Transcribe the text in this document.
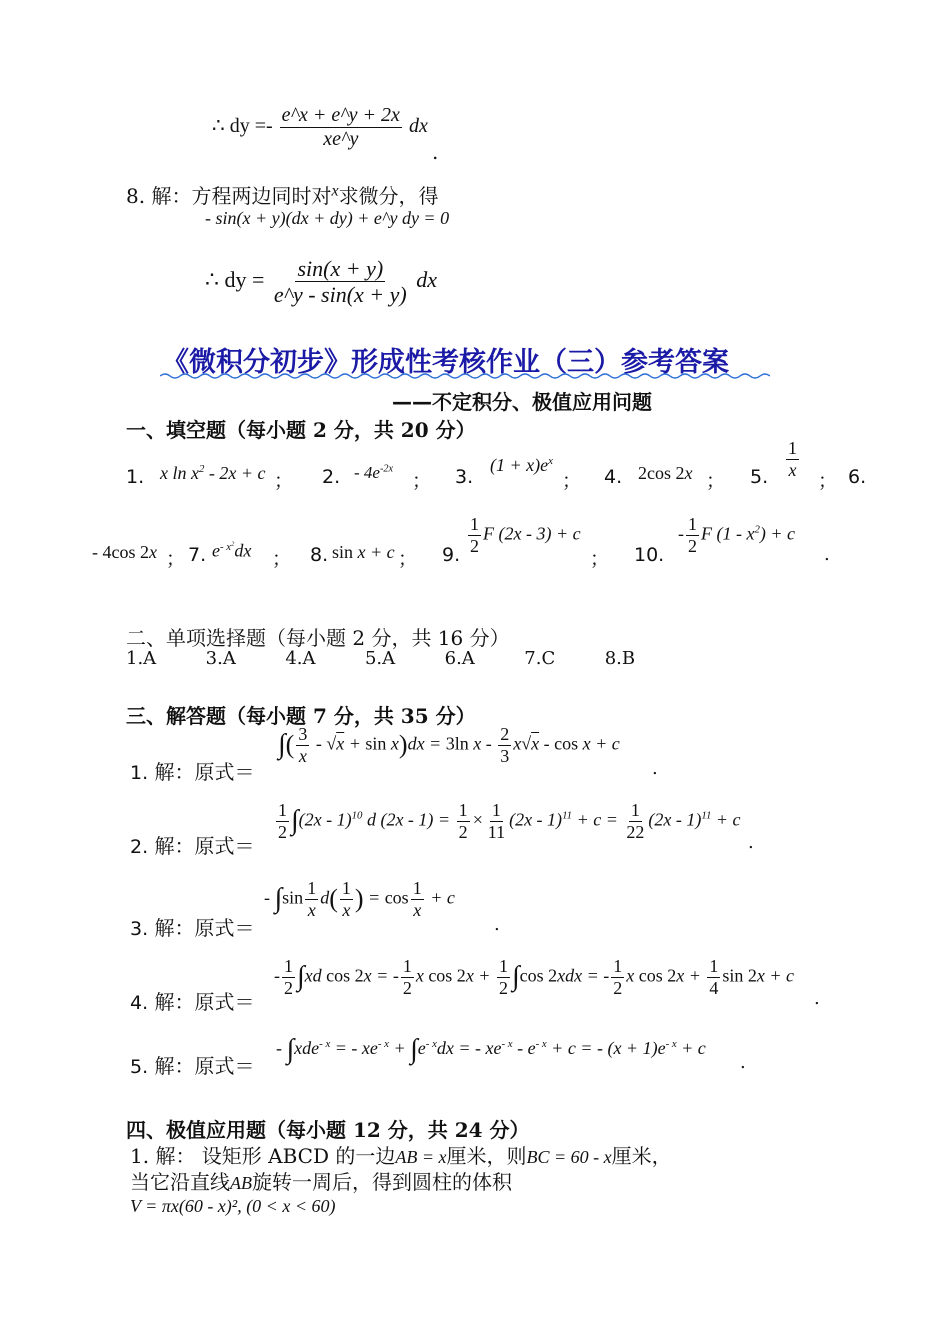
∴ dy =- $\frac{e\^{}x + e\^{}y + 2x}{xe\^{}y}$ dx
.
8. 解：方程两边同时对$^x$求微分，得
- sin(x + y)(dx + dy) + e^y dy = 0
∴ dy = $\frac{\sin(x + y)}{e\^{}y - \sin(x + y)}$ dx
《微积分初步》形成性考核作业（三）参考答案
——不定积分、极值应用问题
一、填空题（每小题 2 分，共 20 分）
1. x $\ln x^2 - 2x + c$ ； 2. - $4e^{-2x}$
； 3.
$(1 + x)e^x$
； 4. 2cos 2x ； 5. $\frac{1}{x}$
； 6.
- 4cos 2x ； 7. $e^{- x^2}dx$ ； 8. sin x + c ； 9. $\frac{1}{2}$ F (2x - 3) + c
； 10.
- $\frac{1}{2}$ F $(1 - x^2) + c$
.
二、单项选择题（每小题 2 分，共 16 分）
1.A	3.A	4.A	5.A	6.A	7.C	8.B
三、解答题（每小题 7 分，共 35 分）
1. 解：原式＝
∫( $\frac{3}{x} - √x + \sin x)dx = 3\ln$ $x - \frac{2}{3} x√x - \cos x + c$
.
2. 解：原式＝
$\frac{1}{2} \int(2x - 1)^{10}$ d $(2x - 1) = \frac{1}{2} \times \frac{1}{11} (2x - 1)^{11} + c = \frac{1}{22} (2x - 1)^{11} + c$
.
3. 解：原式＝
- $\int\sin \frac{1}{x} d( \frac{1}{x}$ ) = $\cos \frac{1}{x} + c$
.
4. 解：原式＝
- $\frac{1}{2} \int xd$ cos 2x = - $\frac{1}{2}$ x $\cos 2x + \frac{1}{2} \int\cos$ 2xdx = - $\frac{1}{2}$ x $\cos 2x + \frac{1}{4}$ sin 2x + c
.
5. 解：原式＝
- ∫xde$^{- x}$ = - $xe^{- x} + \int e^{- x}dx$ = - $xe^{- x} - e^{- x} + c$ = - $(x + 1)e^{- x} + c$
.
四、极值应用题（每小题 12 分，共 24 分）
1. 解： 设矩形 ABCD 的一边AB = x厘米，则BC = 60 - x厘米，
当它沿直线AB旋转一周后，得到圆柱的体积
V = πx(60 - x)², (0 < x < 60)
